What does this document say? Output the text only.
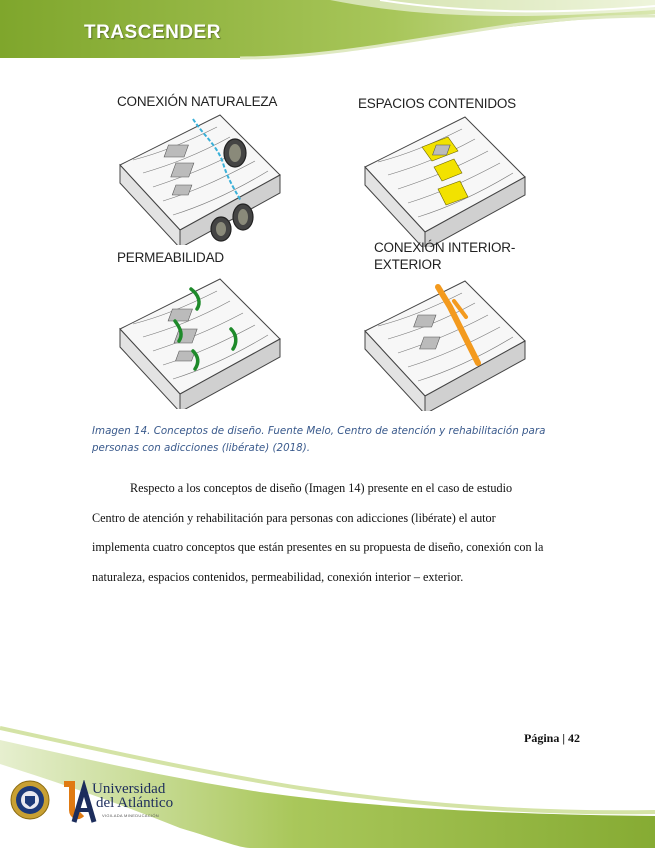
TRASCENDER
CONEXIÓN NATURALEZA	ESPACIOS CONTENIDOS
PERMEABILIDAD
CONEXIÓN INTERIOR-
EXTERIOR
Imagen 14. Conceptos de diseño. Fuente Melo, Centro de atención y rehabilitación para
personas con adicciones (libérate) (2018).
Respecto a los conceptos de diseño (Imagen 14) presente en el caso de estudio
Centro de atención y rehabilitación para personas con adicciones (libérate) el autor
implementa cuatro conceptos que están presentes en su propuesta de diseño, conexión con la
naturaleza, espacios contenidos, permeabilidad, conexión interior – exterior.
Página | 42
Universidad
del Atlántico
VIGILADA MINEDUCACIÓN
